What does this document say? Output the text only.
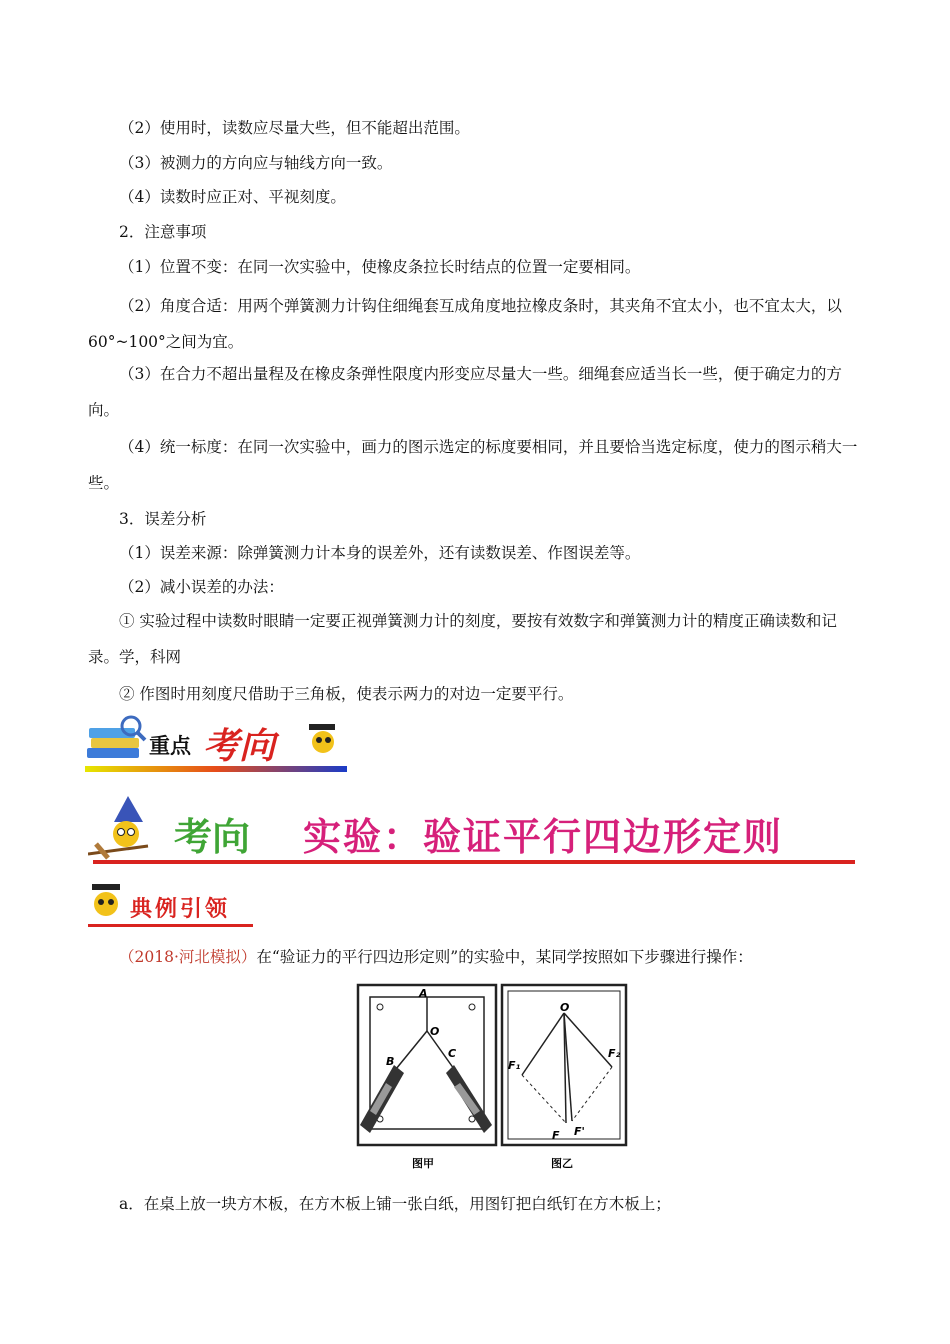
（2）使用时，读数应尽量大些，但不能超出范围。
（3）被测力的方向应与轴线方向一致。
（4）读数时应正对、平视刻度。
2．注意事项
（1）位置不变：在同一次实验中，使橡皮条拉长时结点的位置一定要相同。
（2）角度合适：用两个弹簧测力计钩住细绳套互成角度地拉橡皮条时，其夹角不宜太小，也不宜太大，以 60°~100°之间为宜。
（3）在合力不超出量程及在橡皮条弹性限度内形变应尽量大一些。细绳套应适当长一些，便于确定力的方向。
（4）统一标度：在同一次实验中，画力的图示选定的标度要相同，并且要恰当选定标度，使力的图示稍大一些。
3．误差分析
（1）误差来源：除弹簧测力计本身的误差外，还有读数误差、作图误差等。
（2）减小误差的办法：
① 实验过程中读数时眼睛一定要正视弹簧测力计的刻度，要按有效数字和弹簧测力计的精度正确读数和记录。学，科网
② 作图时用刻度尺借助于三角板，使表示两力的对边一定要平行。
重点 考向
考向 实验：验证平行四边形定则
典例引领
（2018·河北模拟）在“验证力的平行四边形定则”的实验中，某同学按照如下步骤进行操作：
A
O
B
C
图甲
O
F₁
F₂
F F'
图乙
a．在桌上放一块方木板，在方木板上铺一张白纸，用图钉把白纸钉在方木板上；
